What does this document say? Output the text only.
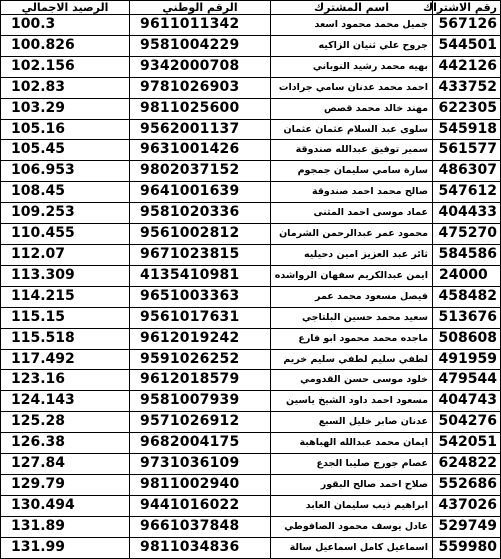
رقم الاشتراك	اسم المشترك	الرقم الوطني	الرصيد الاجمالي
567126	جميل محمد محمود اسعد	9611011342	100.3
544501	جروح علي ثنيان الزاكيه	9581004229	100.826
442126	بهيه محمد رشيد النوباني	9342000708	102.156
433752	احمد محمد عدنان سامي جرادات	9781026903	102.83
622305	مهند خالد محمد قصص	9811025600	103.29
545918	سلوى عبد السلام عثمان عثمان	9562001137	105.16
561577	سمير توفيق عبدالله صندوقة	9631001426	105.45
486307	سارة سامي سليمان جمجوم	9802037152	106.953
547612	صالح محمد احمد صندوقة	9641001639	108.45
404433	عماد موسى احمد المثنى	9581020336	109.253
475270	محمود عمر عبدالرحمن الشرمان	9561002812	110.455
584586	ثائر عبد العزيز امين دحيليه	9671023815	112.07
24000	ايمن عبدالكريم سفهان الرواشده	4135410981	113.309
458482	فيصل مسعود محمد عمر	9651003363	114.215
513676	سعيد محمد حسين البلتاجي	9561017631	115.15
508608	ماجده محمد محمود ابو فارع	9612019242	115.518
491959	لطفي سليم لطفي سليم خريم	9591026252	117.492
479544	خلود موسى حسن القدومي	9612018579	123.16
404743	مسعود احمد داود الشيخ ياسين	9581007939	124.143
504276	عدنان صابر خليل السبع	9571026912	125.28
542051	ايمان محمد عبدالله الهباهبة	9682004175	126.38
624822	عصام جورج صليبا الجدع	9731036109	127.84
552686	صلاح احمد صالح البقور	9811002940	129.79
437026	ابراهيم ذيب سليمان العابد	9441016022	130.494
529749	عادل يوسف محمود الصافوطي	9661037848	131.89
559980	اسماعيل كامل اسماعيل سالة	9811034836	131.99
